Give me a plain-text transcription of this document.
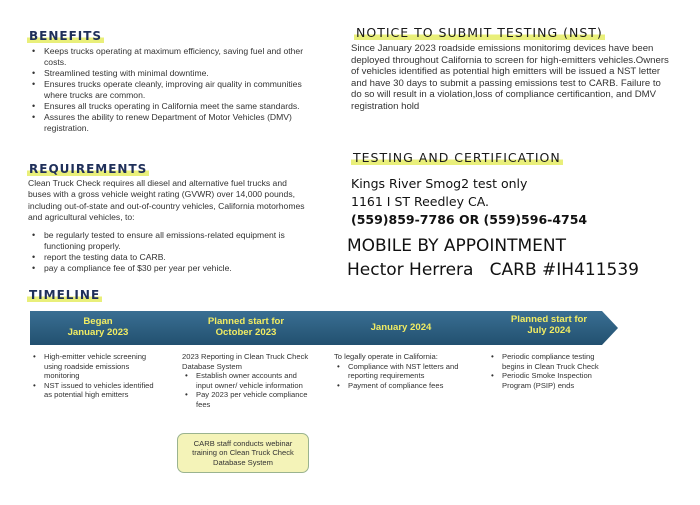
BENEFITS
• Keeps trucks operating at maximum efficiency, saving fuel and other costs.
• Streamlined testing with minimal downtime.
• Ensures trucks operate cleanly, improving air quality in communities where trucks are common.
• Ensures all trucks operating in California meet the same standards.
• Assures the ability to renew Department of Motor Vehicles (DMV) registration.
REQUIREMENTS
Clean Truck Check requires all diesel and alternative fuel trucks and buses with a gross vehicle weight rating (GVWR) over 14,000 pounds, including out-of-state and out-of-country vehicles, California motorhomes and agricultural vehicles, to:
• be regularly tested to ensure all emissions-related equipment is functioning properly.
• report the testing data to CARB.
• pay a compliance fee of $30 per year per vehicle.
NOTICE TO SUBMIT TESTING (NST)
Since January 2023 roadside emissions monitorimg devices have been deployed throughout California to screen for high-emitters vehicles.Owners of vehicles identified as potential high emitters will be issued a NST letter and have 30 days to submit a passing emissions test to CARB. Failure to do so will result in a violation,loss of compliance certificantion, and DMV registration hold
TESTING AND CERTIFICATION
Kings River Smog2 test only
1161 I ST Reedley CA.
(559)859-7786 OR (559)596-4754
MOBILE BY APPOINTMENT
Hector Herrera   CARB #IH411539
TIMELINE
Began
January 2023
Planned start for
October 2023	January 2024
Planned start for
July 2024
• High-emitter vehicle screening using roadside emissions monitoring
• NST issued to vehicles identified as potential high emitters
2023 Reporting in Clean Truck Check Database System
• Establish owner accounts and input owner/ vehicle information
• Pay 2023 per vehicle compliance fees
To legally operate in California:
• Compliance with NST letters and reporting requirements
• Payment of compliance fees
• Periodic compliance testing begins in Clean Truck Check
• Periodic Smoke Inspection Program (PSIP) ends
CARB staff conducts webinar training on Clean Truck Check Database System
